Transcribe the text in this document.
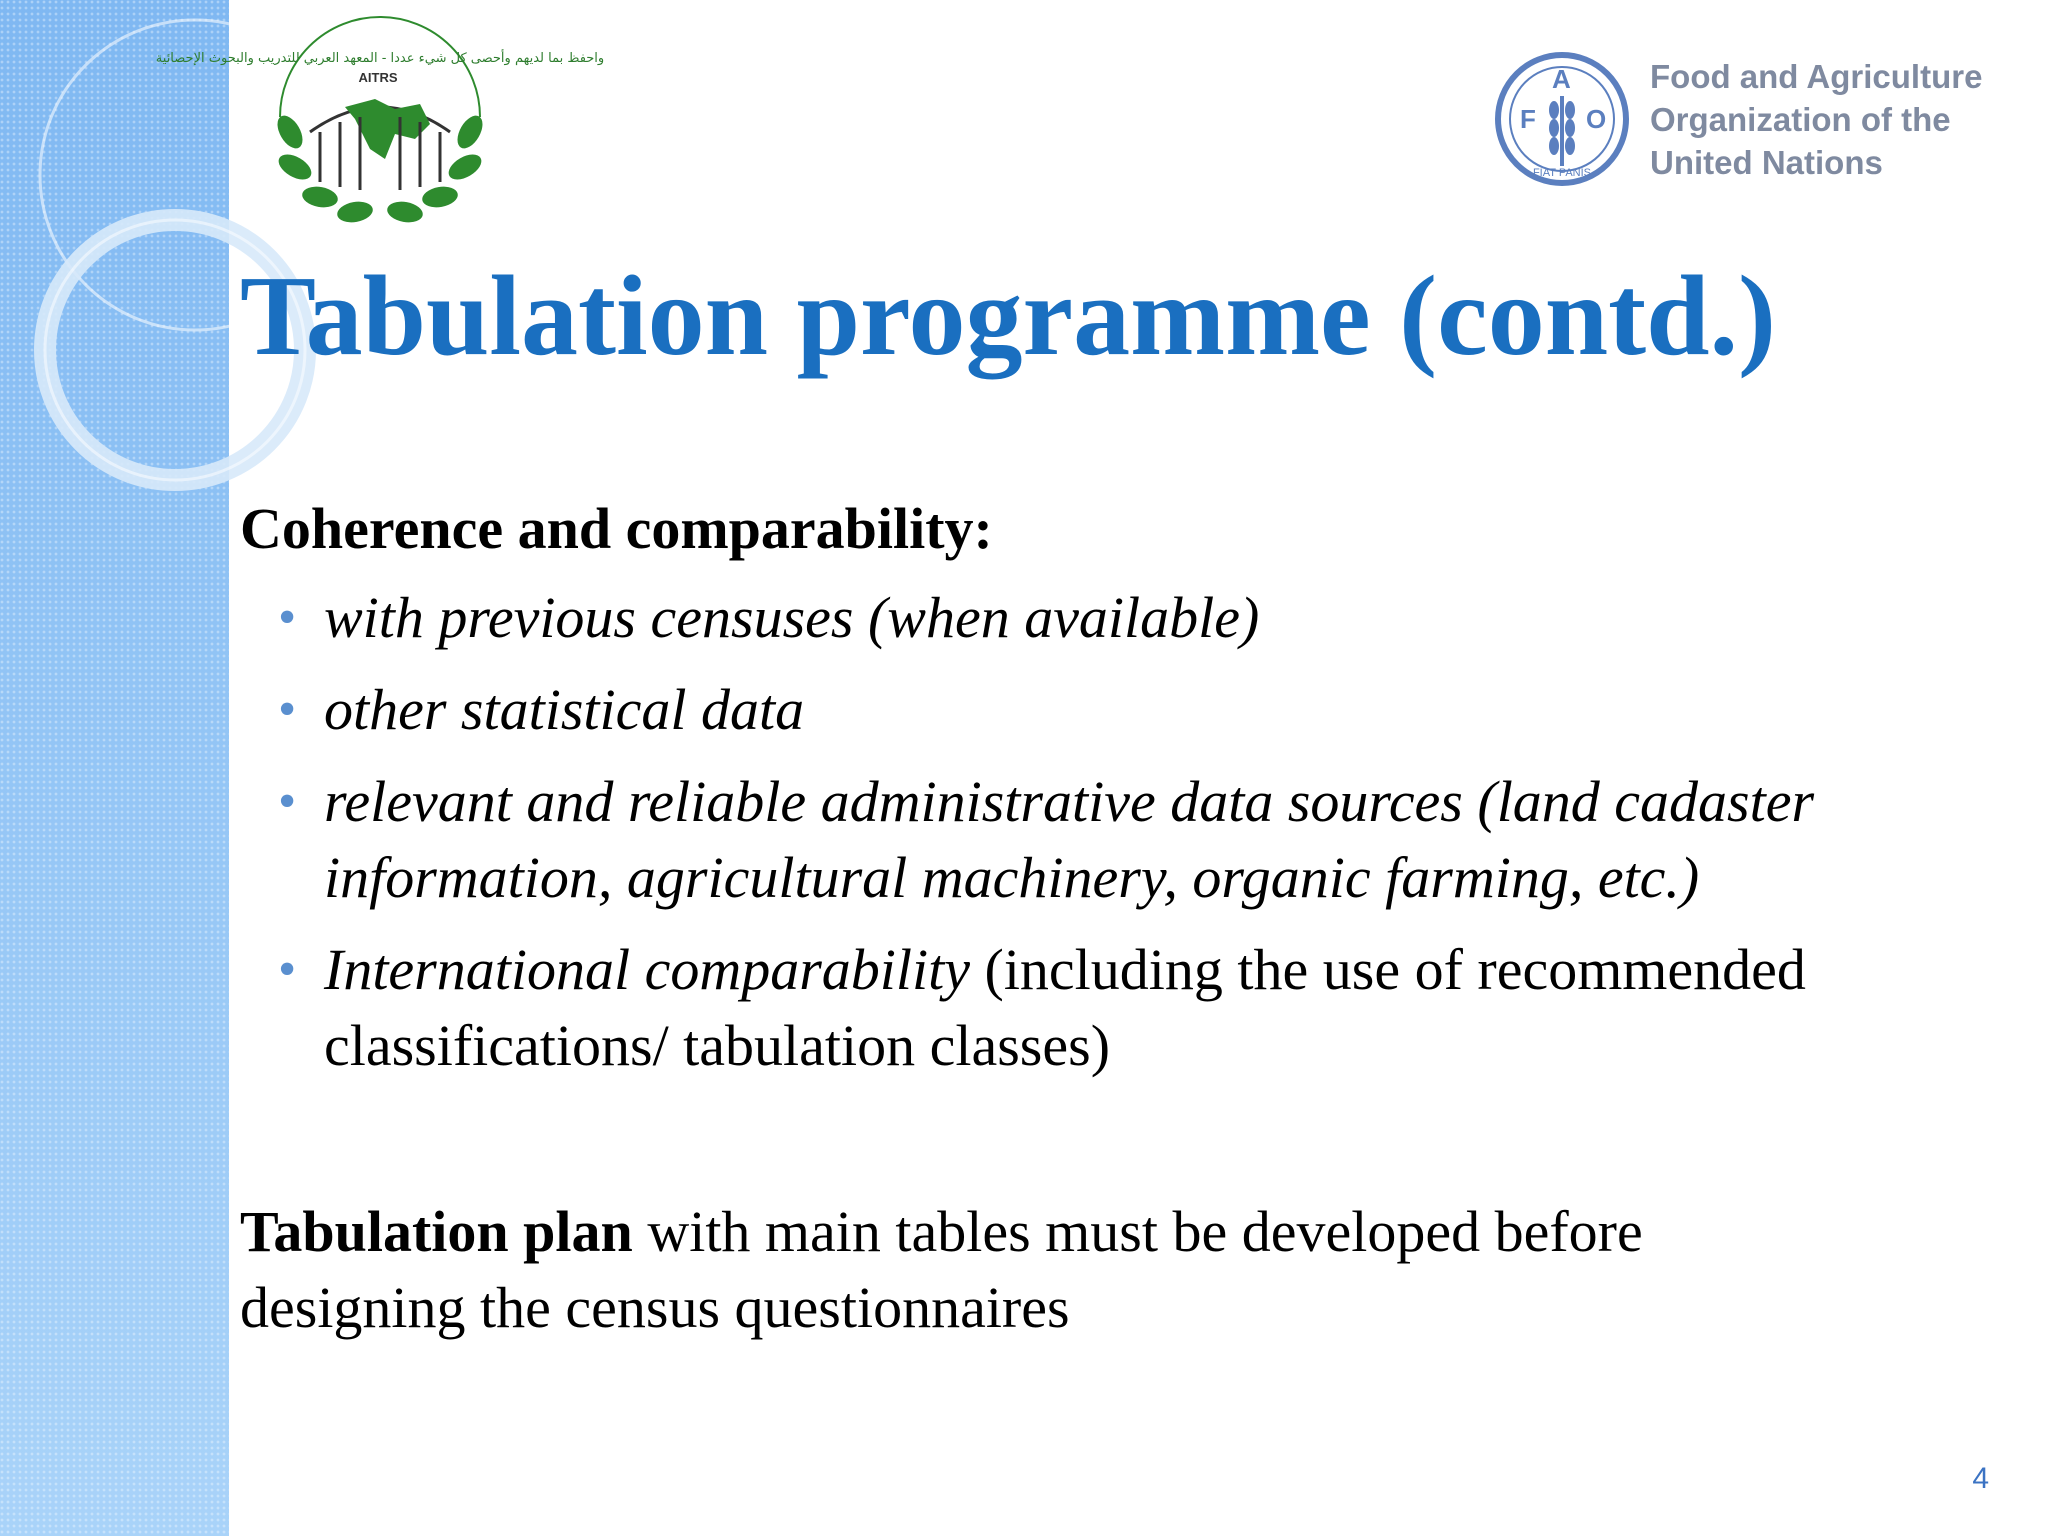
واحفظ بما لديهم وأحصى كل شيء عددا - المعهد العربي للتدريب والبحوث الإحصائية
AITRS
F
A
O
FIAT PANIS
Food and Agriculture
Organization of the
United Nations
Tabulation programme (contd.)

Coherence and comparability:

• with previous censuses (when available)
• other statistical data
• relevant and reliable administrative data sources (land cadaster information, agricultural machinery, organic farming, etc.)
• International comparability (including the use of recommended classifications/ tabulation classes)

Tabulation plan with main tables must be developed before designing the census questionnaires

4
